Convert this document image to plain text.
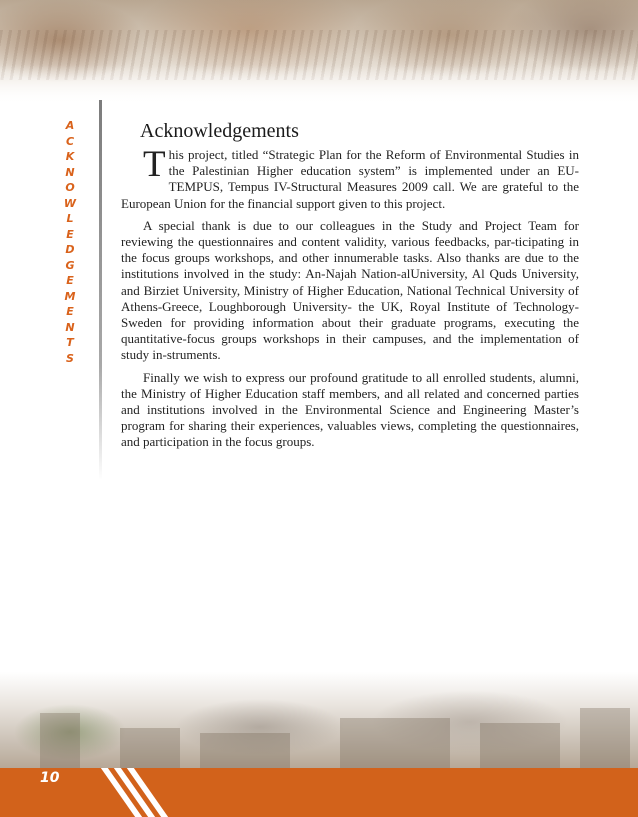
A
C
K
N
O
W
L
E
D
G
E
M
E
N
T
S
Acknowledgements

This project, titled “Strategic Plan for the Reform of Environmental Studies in the Palestinian Higher education system” is implemented under an EU-TEMPUS, Tempus IV-Structural Measures 2009 call. We are grateful to the European Union for the financial support given to this project.

A special thank is due to our colleagues in the Study and Project Team for reviewing the questionnaires and content validity, various feedbacks, par-ticipating in the focus groups workshops, and other innumerable tasks. Also thanks are due to the institutions involved in the study: An-Najah Nation-alUniversity, Al Quds University, and Birziet University, Ministry of Higher Education, National Technical University of Athens-Greece, Loughborough University- the UK, Royal Institute of Technology-Sweden for providing information about their graduate programs, executing the quantitative-focus groups workshops in their campuses, and the implementation of study in-struments.

Finally we wish to express our profound gratitude to all enrolled students, alumni, the Ministry of Higher Education staff members, and all related and concerned parties and institutions involved in the Environmental Science and Engineering Master’s program for sharing their experiences, valuables views, completing the questionnaires, and participation in the focus groups.

10
